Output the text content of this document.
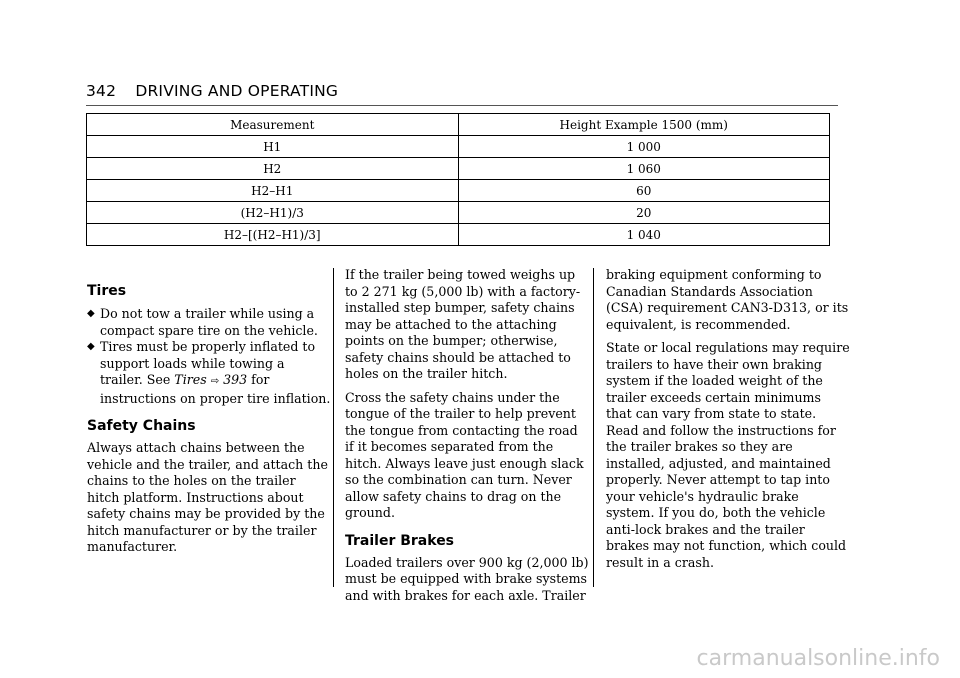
342 DRIVING AND OPERATING
Measurement	Height Example 1500 (mm)
H1	1 000
H2	1 060
H2–H1	60
(H2–H1)/3	20
H2–[(H2–H1)/3]	1 040
Tires
◆ Do not tow a trailer while using a compact spare tire on the vehicle.
◆ Tires must be properly inflated to support loads while towing a trailer. See Tires ⇨ 393 for instructions on proper tire inflation.
Safety Chains

Always attach chains between the vehicle and the trailer, and attach the chains to the holes on the trailer hitch platform. Instructions about safety chains may be provided by the hitch manufacturer or by the trailer manufacturer.

If the trailer being towed weighs up to 2 271 kg (5,000 lb) with a factory-installed step bumper, safety chains may be attached to the attaching points on the bumper; otherwise, safety chains should be attached to holes on the trailer hitch.

Cross the safety chains under the tongue of the trailer to help prevent the tongue from contacting the road if it becomes separated from the hitch. Always leave just enough slack so the combination can turn. Never allow safety chains to drag on the ground.

Trailer Brakes

Loaded trailers over 900 kg (2,000 lb) must be equipped with brake systems and with brakes for each axle. Trailer

braking equipment conforming to Canadian Standards Association (CSA) requirement CAN3-D313, or its equivalent, is recommended.

State or local regulations may require trailers to have their own braking system if the loaded weight of the trailer exceeds certain minimums that can vary from state to state. Read and follow the instructions for the trailer brakes so they are installed, adjusted, and maintained properly. Never attempt to tap into your vehicle's hydraulic brake system. If you do, both the vehicle anti-lock brakes and the trailer brakes may not function, which could result in a crash.

carmanualsonline.info
